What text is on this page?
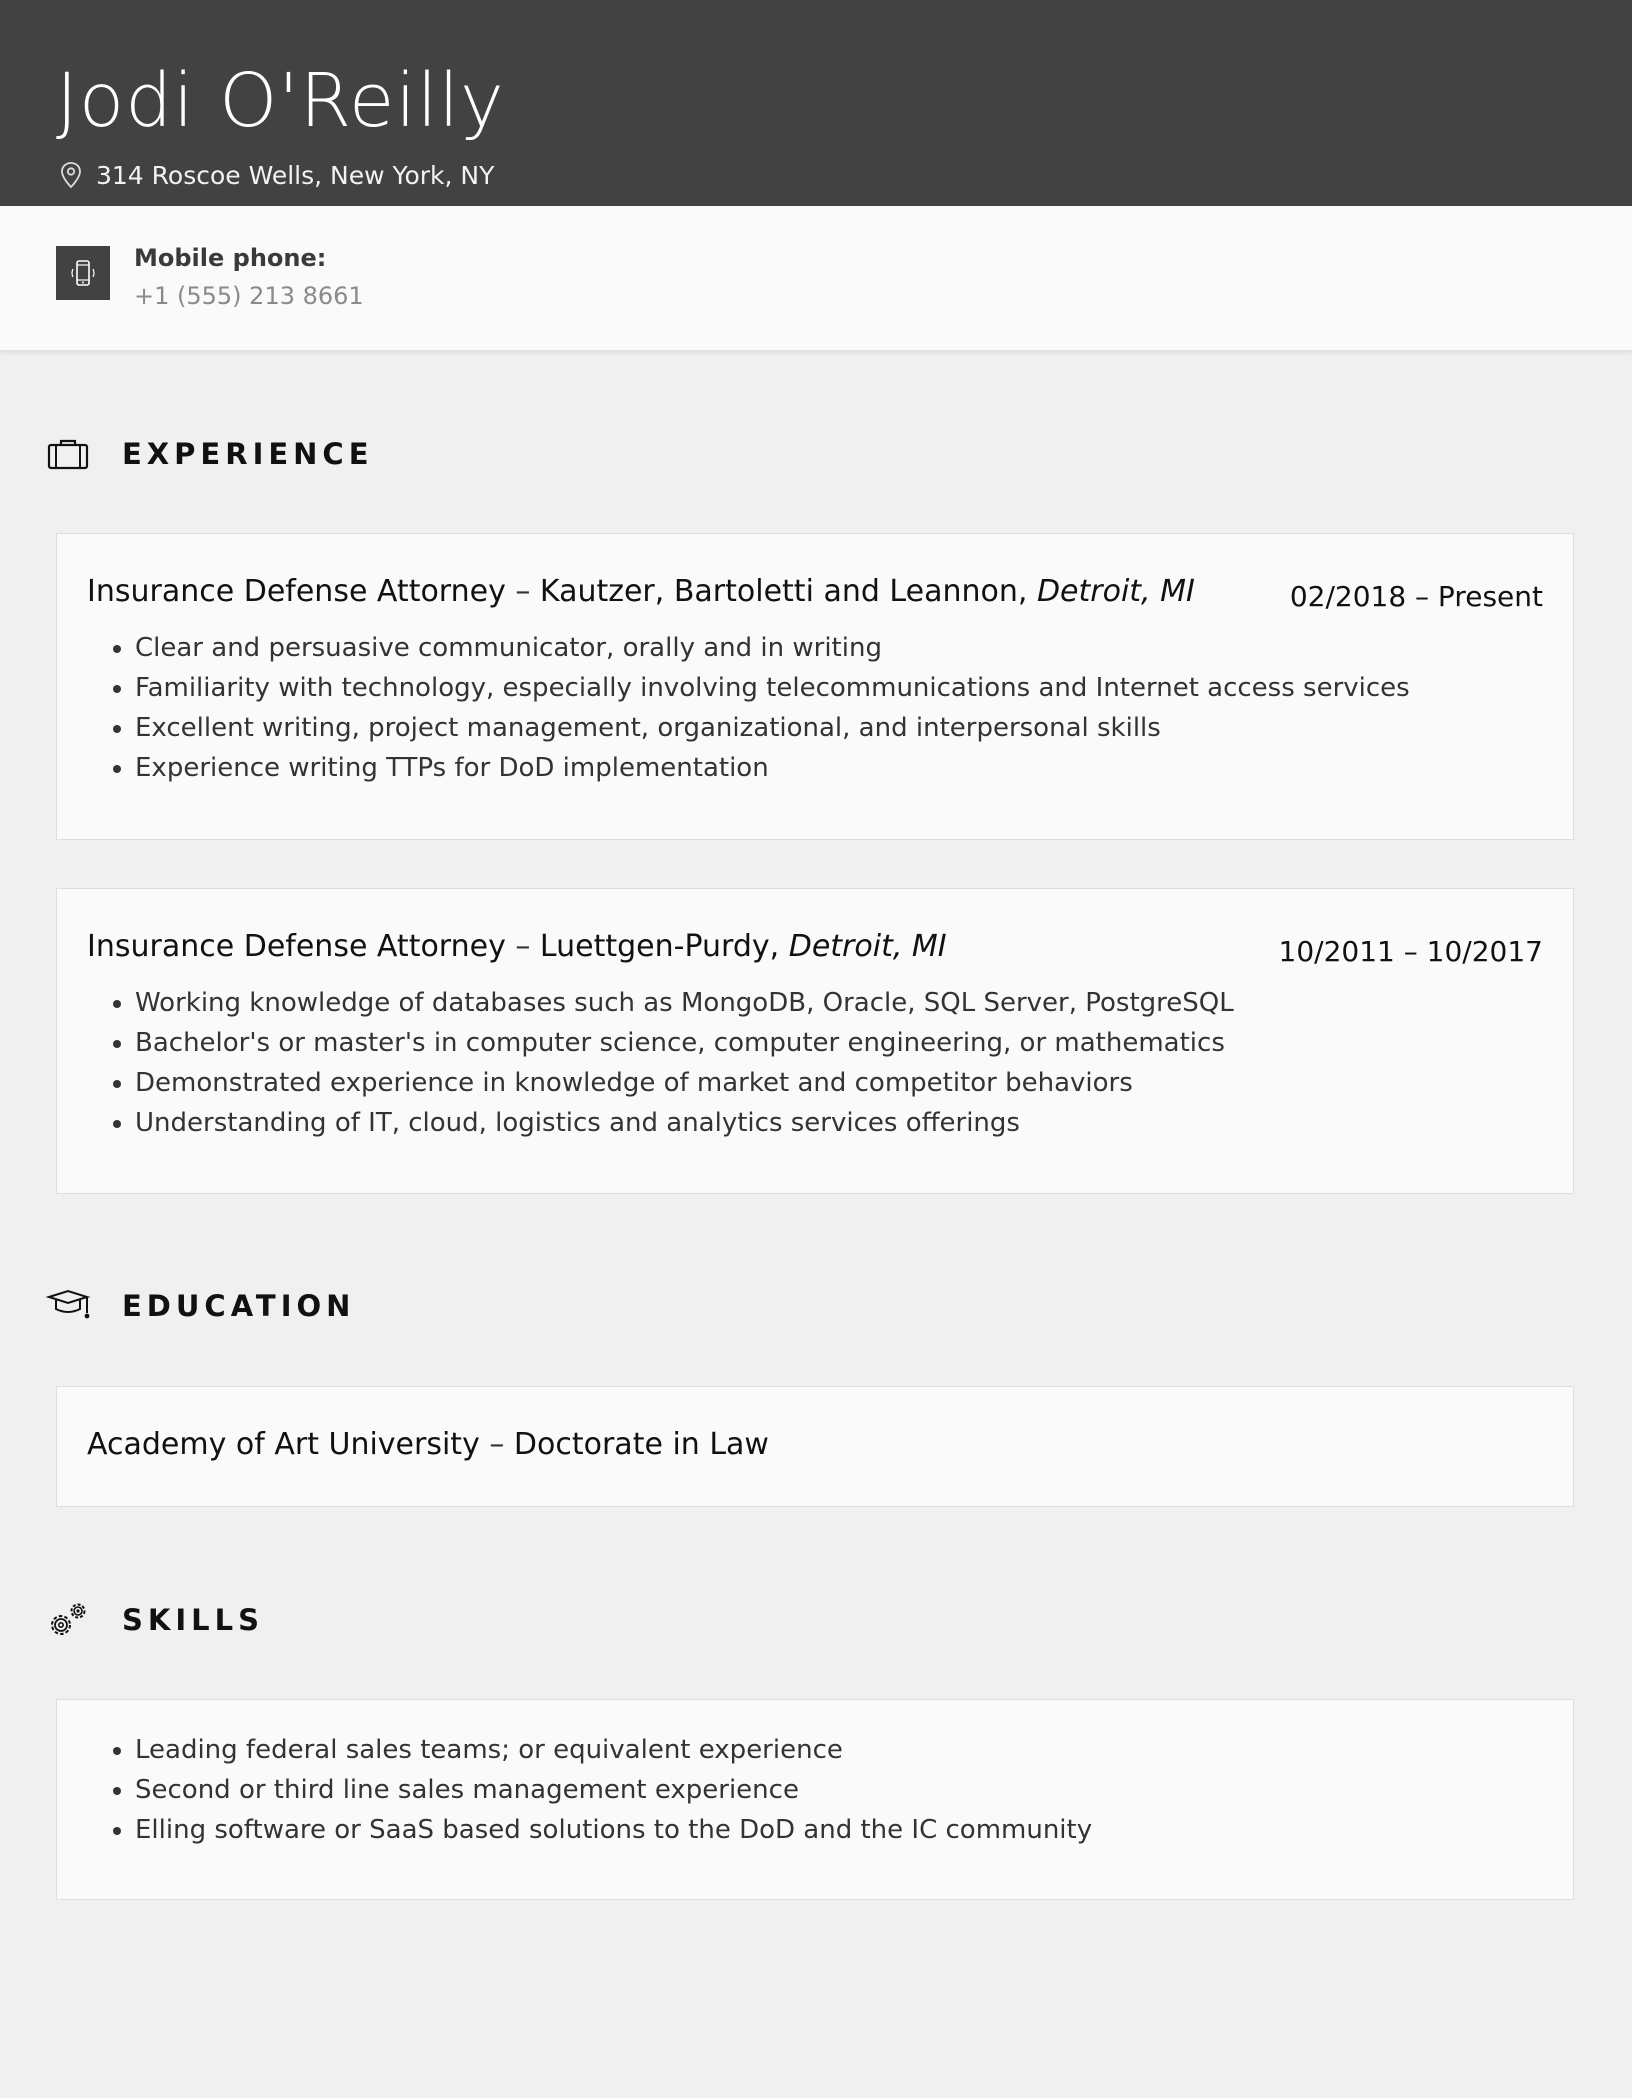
Jodi O'Reilly
314 Roscoe Wells, New York, NY
Mobile phone:
+1 (555) 213 8661
EXPERIENCE
Insurance Defense Attorney – Kautzer, Bartoletti and Leannon, Detroit, MI	02/2018 – Present
• Clear and persuasive communicator, orally and in writing
• Familiarity with technology, especially involving telecommunications and Internet access services
• Excellent writing, project management, organizational, and interpersonal skills
• Experience writing TTPs for DoD implementation
Insurance Defense Attorney – Luettgen-Purdy, Detroit, MI	10/2011 – 10/2017
• Working knowledge of databases such as MongoDB, Oracle, SQL Server, PostgreSQL
• Bachelor's or master's in computer science, computer engineering, or mathematics
• Demonstrated experience in knowledge of market and competitor behaviors
• Understanding of IT, cloud, logistics and analytics services offerings
EDUCATION
Academy of Art University – Doctorate in Law
SKILLS
• Leading federal sales teams; or equivalent experience
• Second or third line sales management experience
• Elling software or SaaS based solutions to the DoD and the IC community
